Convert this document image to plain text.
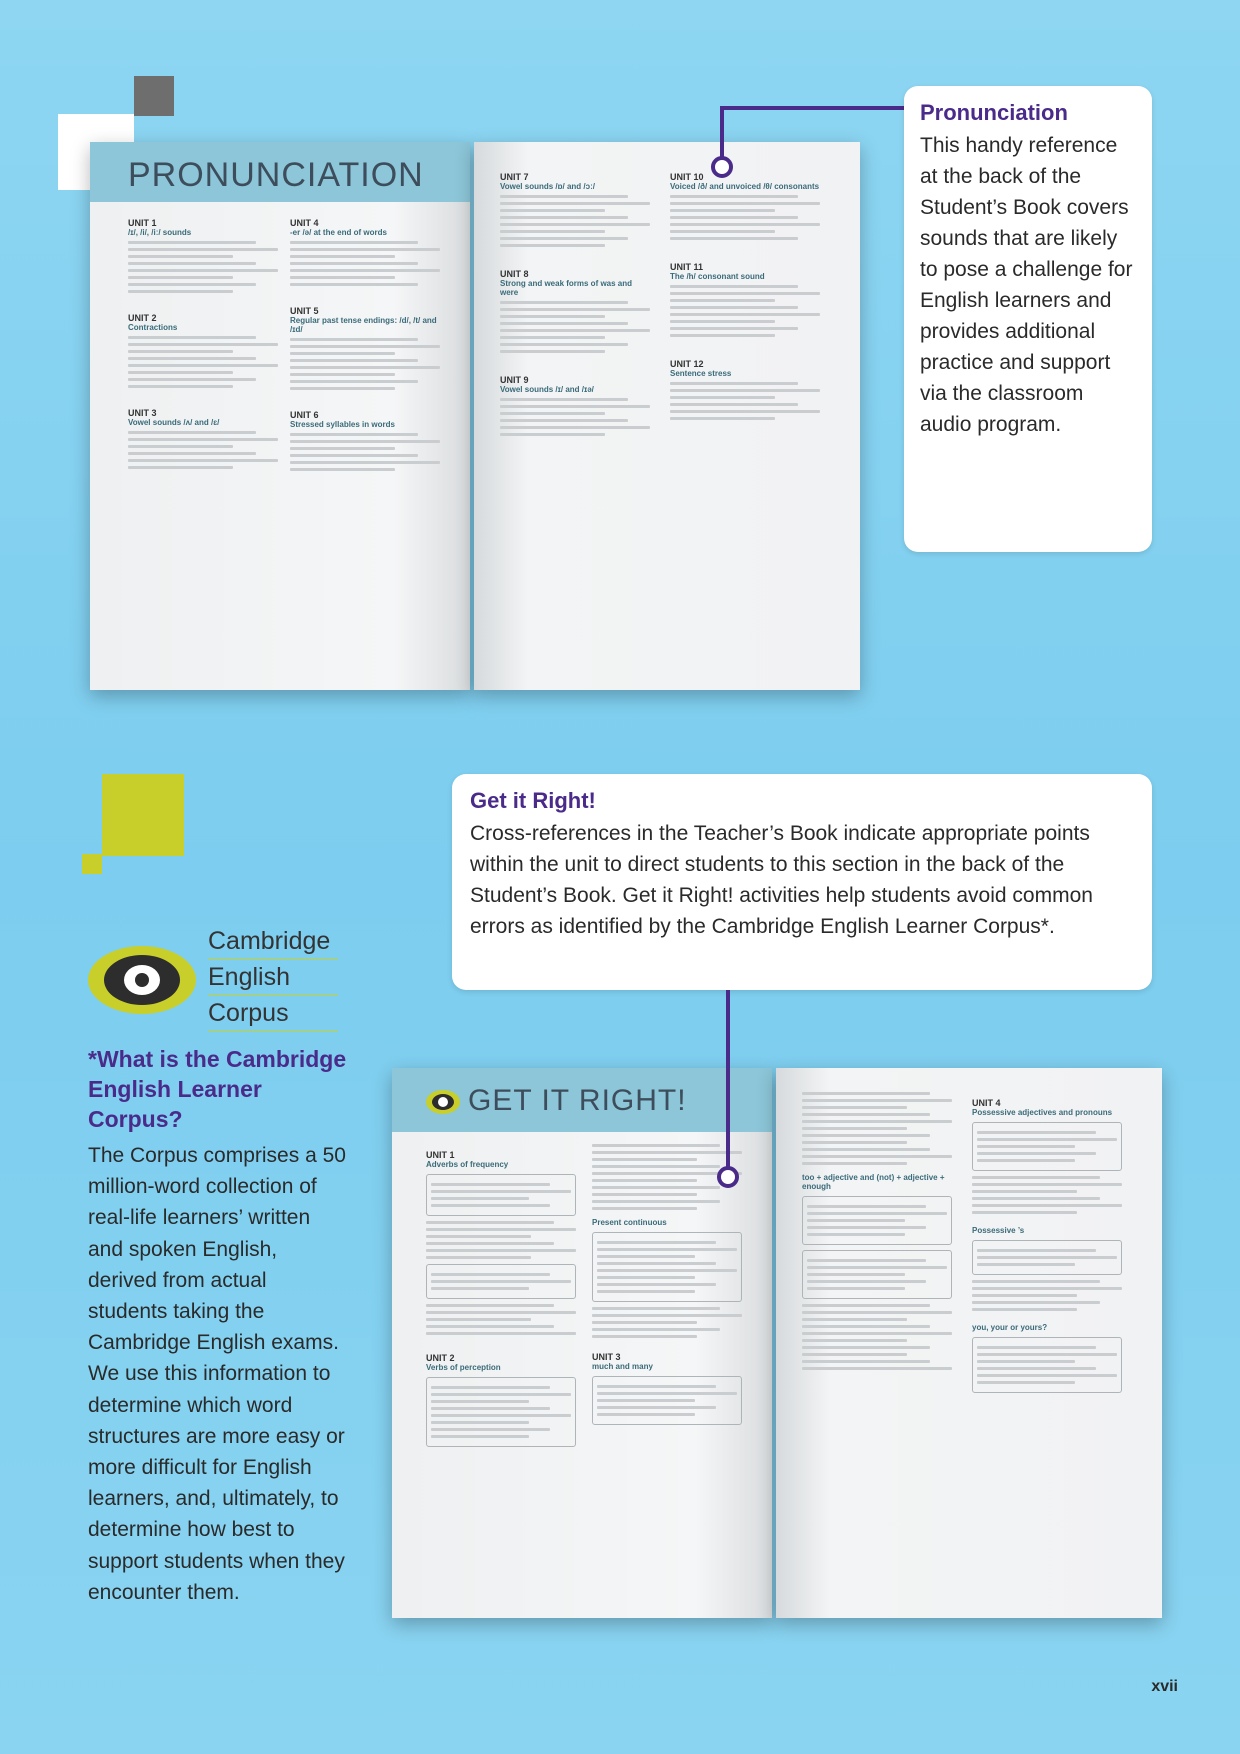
PRONUNCIATION
UNIT 1
/ɪ/, /i/, /iː/ sounds
UNIT 2
Contractions
UNIT 3
Vowel sounds /ʌ/ and /ɛ/
UNIT 4
-er /ə/ at the end of words
UNIT 5
Regular past tense endings: /d/, /t/ and /ɪd/
UNIT 6
Stressed syllables in words
UNIT 7
Vowel sounds /ɒ/ and /ɔː/
UNIT 8
Strong and weak forms of was and were
UNIT 9
Vowel sounds /ɪ/ and /ɪə/
UNIT 10
Voiced /ð/ and unvoiced /θ/ consonants
UNIT 11
The /h/ consonant sound
UNIT 12
Sentence stress
Pronunciation

This handy reference at the back of the Student’s Book covers sounds that are likely to pose a challenge for English learners and provides additional practice and support via the classroom audio program.

Get it Right!

Cross-references in the Teacher’s Book indicate appropriate points within the unit to direct students to this section in the back of the Student’s Book. Get it Right! activities help students avoid common errors as identified by the Cambridge English Learner Corpus*.

GET IT RIGHT!
UNIT 1
Adverbs of frequency
UNIT 2
Verbs of perception
Present continuous
UNIT 3
much and many
too + adjective and (not) + adjective + enough
UNIT 4
Possessive adjectives and pronouns
Possessive ’s
you, your or yours?
Cambridge
English
Corpus
*What is the Cambridge English Learner Corpus?

The Corpus comprises a 50 million-word collection of real-life learners’ written and spoken English, derived from actual students taking the Cambridge English exams. We use this information to determine which word structures are more easy or more difficult for English learners, and, ultimately, to determine how best to support students when they encounter them.

xvii
